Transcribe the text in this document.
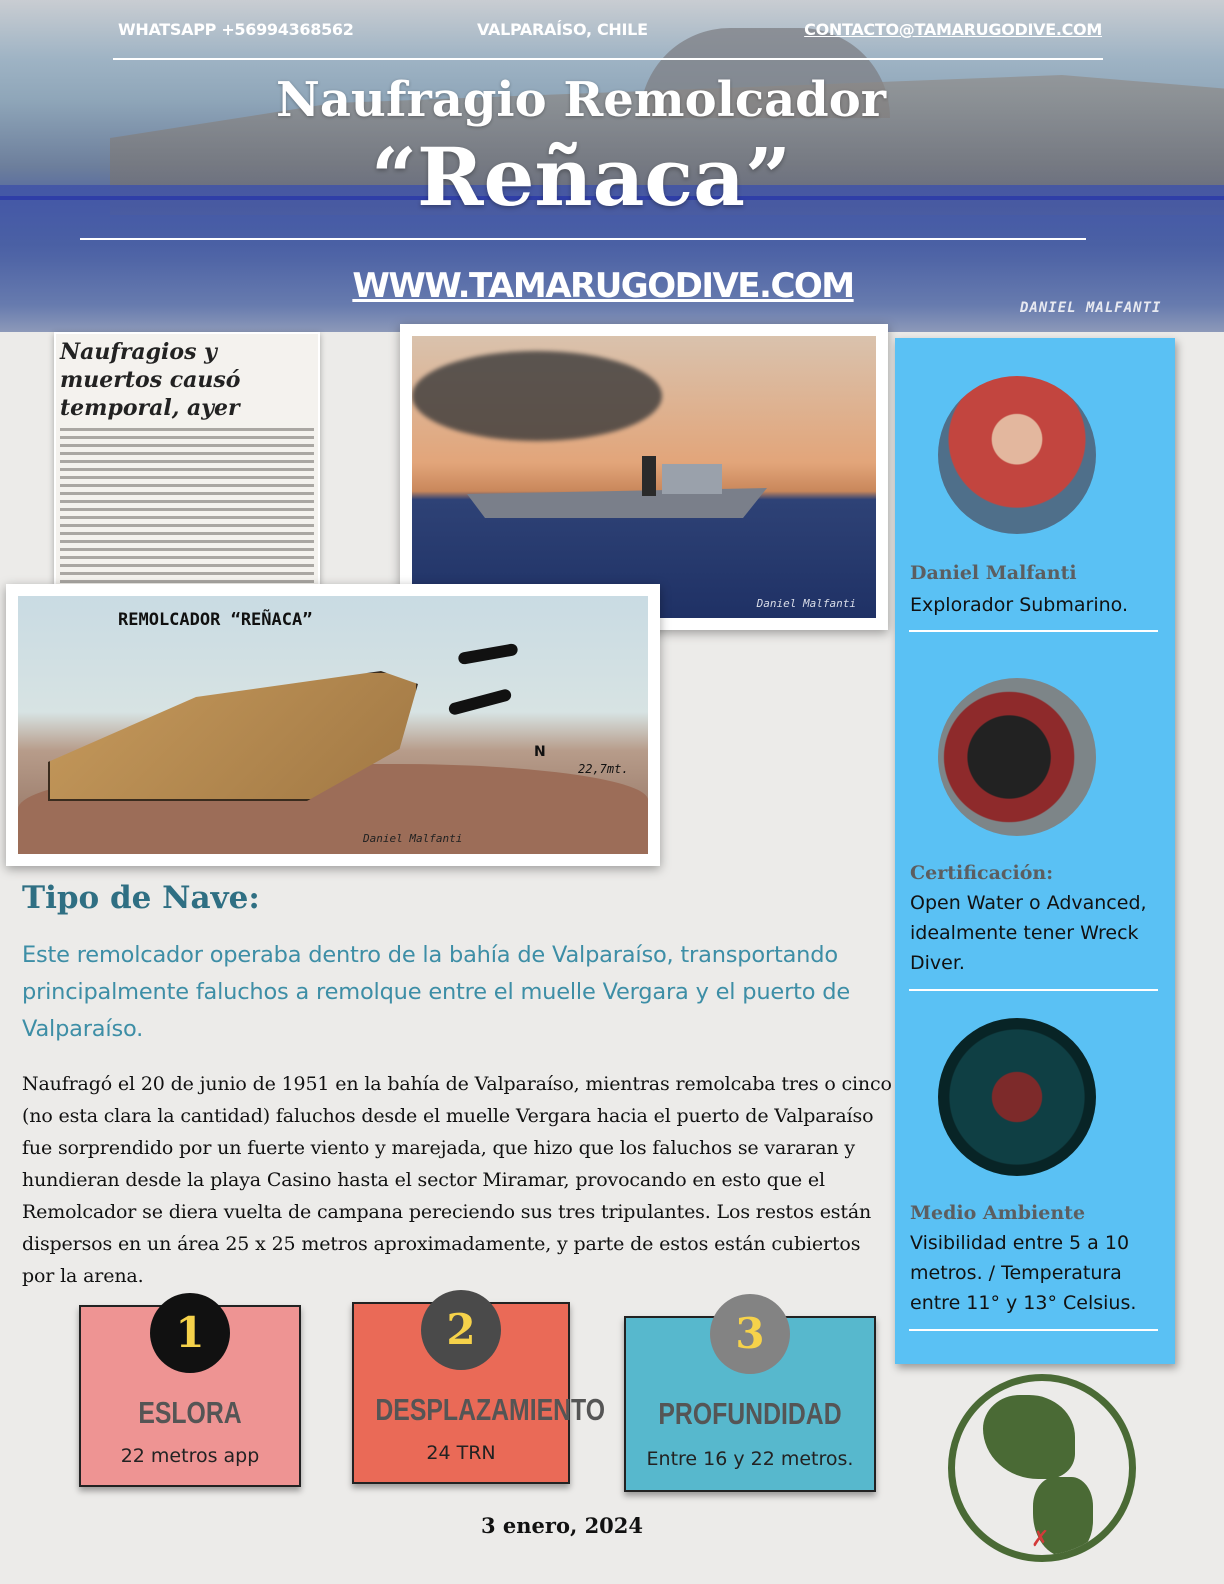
DANIEL MALFANTI
WHATSAPP +56994368562	VALPARAÍSO, CHILE	CONTACTO@TAMARUGODIVE.COM
Naufragio Remolcador
“Reñaca”
WWW.TAMARUGODIVE.COM
Naufragios y muertos causó temporal, ayer
Daniel Malfanti
REMOLCADOR “REÑACA”
N
22,7mt.
Daniel Malfanti
Tipo de Nave:
Este remolcador operaba dentro de la bahía de Valparaíso, transportando principalmente faluchos a remolque entre el muelle Vergara y el puerto de Valparaíso.
Naufragó el 20 de junio de 1951 en la bahía de Valparaíso, mientras remolcaba tres o cinco (no esta clara la cantidad) faluchos desde el muelle Vergara hacia el puerto de Valparaíso fue sorprendido por un fuerte viento y marejada, que hizo que los faluchos se vararan y hundieran desde la playa Casino hasta el sector Miramar, provocando en esto que el Remolcador se diera vuelta de campana pereciendo sus tres tripulantes. Los restos están dispersos en un área 25 x 25 metros aproximadamente, y parte de estos están cubiertos por la arena.
1
ESLORA
22 metros app
2
DESPLAZAMIENTO
24 TRN
3
PROFUNDIDAD
Entre 16 y 22 metros.
3 enero, 2024
Daniel Malfanti
Explorador Submarino.
Certificación:
Open Water o Advanced, idealmente tener Wreck Diver.
Medio Ambiente
Visibilidad entre 5 a 10 metros. / Temperatura entre 11° y 13° Celsius.
✗
